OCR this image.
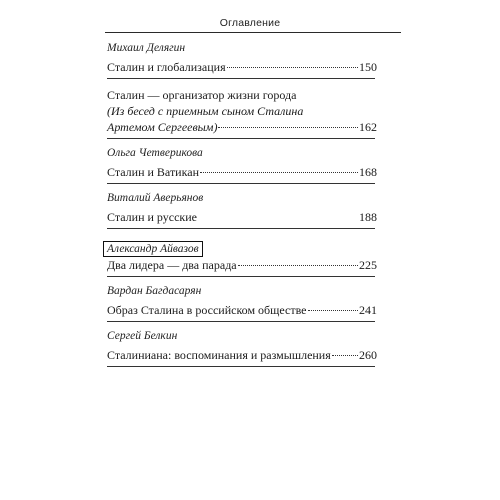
Оглавление
Михаил Делягин
Сталин и глобализация	150
Сталин — организатор жизни города
(Из бесед с приемным сыном Сталина
Артемом Сергеевым)	162
Ольга Четверикова
Сталин и Ватикан	168
Виталий Аверьянов
Сталин и русские	188
Александр Айвазов
Два лидера — два парада	225
Вардан Багдасарян
Образ Сталина в российском обществе	241
Сергей Белкин
Сталиниана: воспоминания и размышления 260
